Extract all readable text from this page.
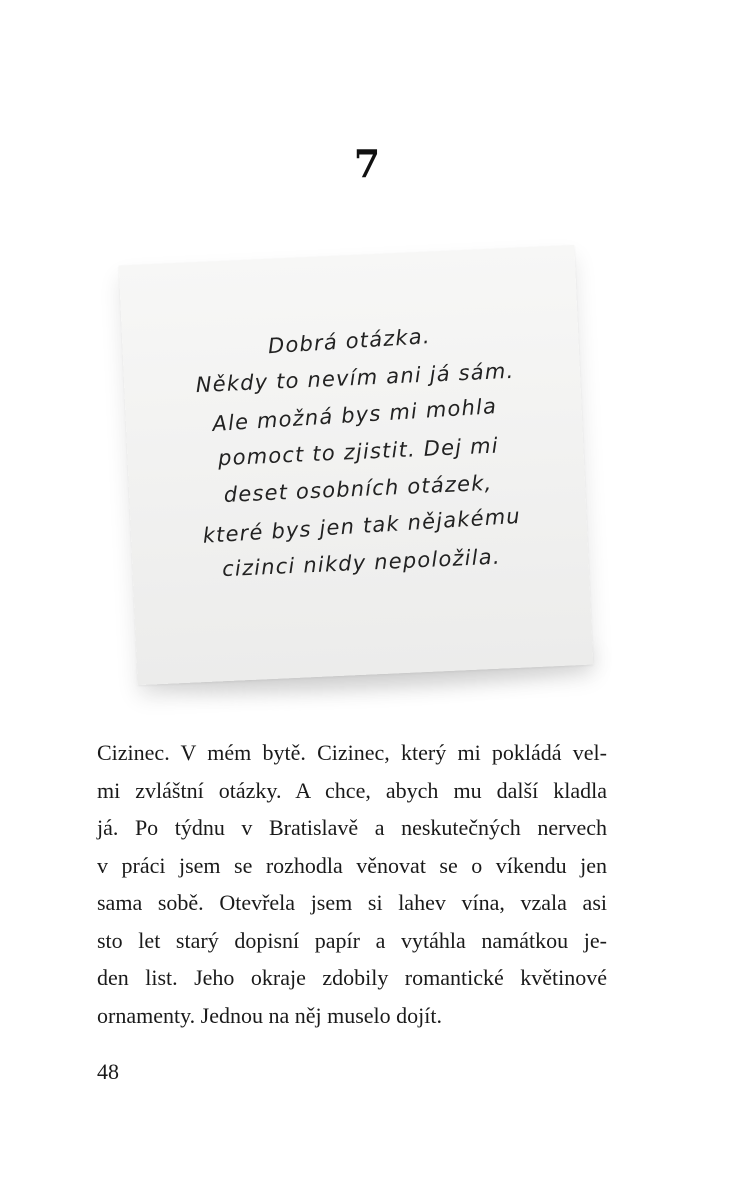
7
Dobrá otázka.
Někdy to nevím ani já sám.
Ale možná bys mi mohla
pomoct to zjistit. Dej mi
deset osobních otázek,
které bys jen tak nějakému
cizinci nikdy nepoložila.
Cizinec. V mém bytě. Cizinec, který mi pokládá vel-
mi zvláštní otázky. A chce, abych mu další kladla
já. Po týdnu v Bratislavě a neskutečných nervech
v práci jsem se rozhodla věnovat se o víkendu jen
sama sobě. Otevřela jsem si lahev vína, vzala asi
sto let starý dopisní papír a vytáhla namátkou je-
den list. Jeho okraje zdobily romantické květinové
ornamenty. Jednou na něj muselo dojít.
48
